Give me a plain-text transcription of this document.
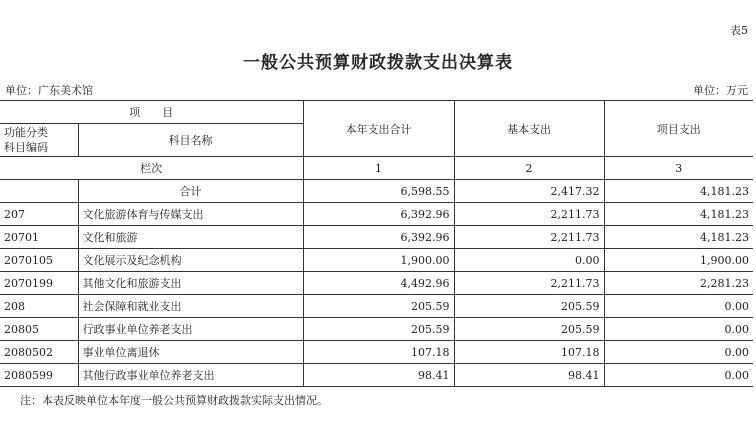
表5
一般公共预算财政拨款支出决算表
单位：广东美术馆	单位：万元
项　　目		本年支出合计	基本支出	项目支出
功能分类
科目编码	科目名称			
栏次		1	2	3
	合计	6,598.55	2,417.32	4,181.23
207	文化旅游体育与传媒支出	6,392.96	2,211.73	4,181.23
20701	文化和旅游	6,392.96	2,211.73	4,181.23
2070105	文化展示及纪念机构	1,900.00	0.00	1,900.00
2070199	其他文化和旅游支出	4,492.96	2,211.73	2,281.23
208	社会保障和就业支出	205.59	205.59	0.00
20805	行政事业单位养老支出	205.59	205.59	0.00
2080502	事业单位离退休	107.18	107.18	0.00
2080599	其他行政事业单位养老支出	98.41	98.41	0.00
注：本表反映单位本年度一般公共预算财政拨款实际支出情况。
